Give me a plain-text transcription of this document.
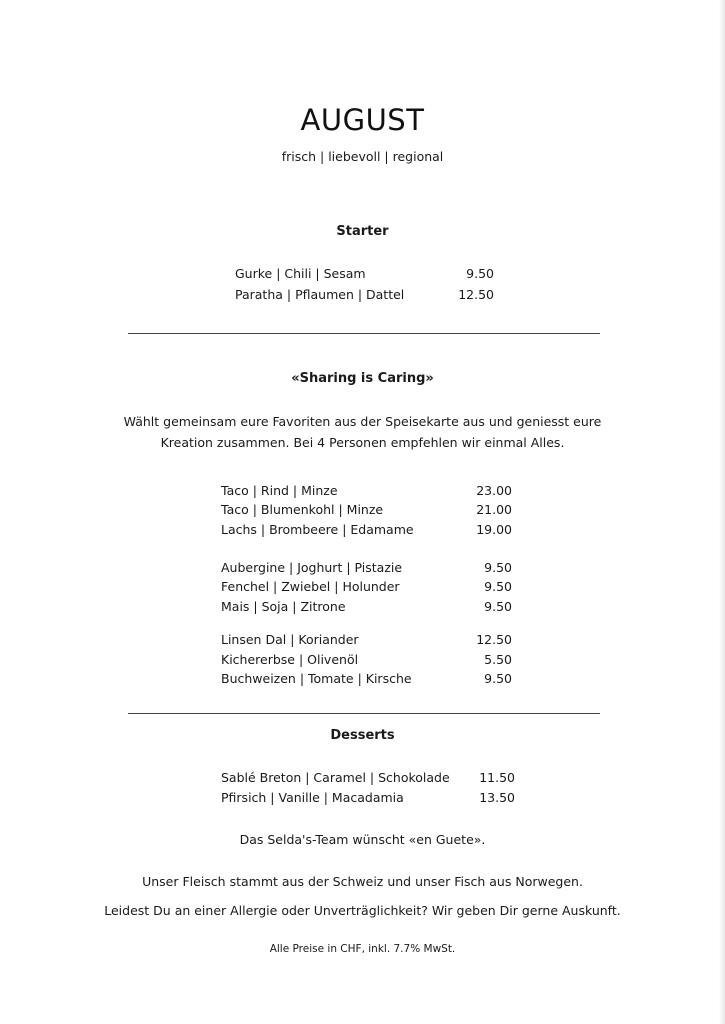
AUGUST
frisch | liebevoll | regional
Starter
Gurke | Chili | Sesam	9.50
Paratha | Pflaumen | Dattel	12.50
«Sharing is Caring»
Wählt gemeinsam eure Favoriten aus der Speisekarte aus und geniesst eure
Kreation zusammen. Bei 4 Personen empfehlen wir einmal Alles.
Taco | Rind | Minze	23.00
Taco | Blumenkohl | Minze	21.00
Lachs | Brombeere | Edamame	19.00
Aubergine | Joghurt | Pistazie	9.50
Fenchel | Zwiebel | Holunder	9.50
Mais | Soja | Zitrone	9.50
Linsen Dal | Koriander	12.50
Kichererbse | Olivenöl	5.50
Buchweizen | Tomate | Kirsche	9.50
Desserts
Sablé Breton | Caramel | Schokolade	11.50
Pfirsich | Vanille | Macadamia	13.50
Das Selda's-Team wünscht «en Guete».
Unser Fleisch stammt aus der Schweiz und unser Fisch aus Norwegen.
Leidest Du an einer Allergie oder Unverträglichkeit? Wir geben Dir gerne Auskunft.
Alle Preise in CHF, inkl. 7.7% MwSt.
